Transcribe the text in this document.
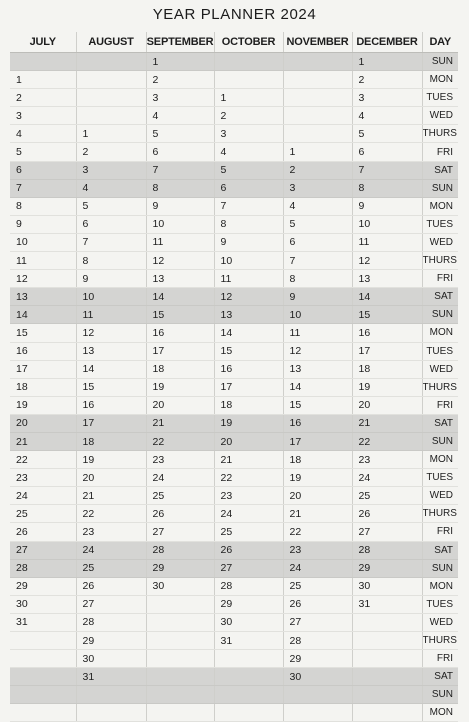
YEAR PLANNER 2024
JULY	AUGUST	SEPTEMBER	OCTOBER	NOVEMBER	DECEMBER	DAY
		1			1	SUN
1		2			2	MON
2		3	1		3	TUES
3		4	2		4	WED
4	1	5	3		5	THURS
5	2	6	4	1	6	FRI
6	3	7	5	2	7	SAT
7	4	8	6	3	8	SUN
8	5	9	7	4	9	MON
9	6	10	8	5	10	TUES
10	7	11	9	6	11	WED
11	8	12	10	7	12	THURS
12	9	13	11	8	13	FRI
13	10	14	12	9	14	SAT
14	11	15	13	10	15	SUN
15	12	16	14	11	16	MON
16	13	17	15	12	17	TUES
17	14	18	16	13	18	WED
18	15	19	17	14	19	THURS
19	16	20	18	15	20	FRI
20	17	21	19	16	21	SAT
21	18	22	20	17	22	SUN
22	19	23	21	18	23	MON
23	20	24	22	19	24	TUES
24	21	25	23	20	25	WED
25	22	26	24	21	26	THURS
26	23	27	25	22	27	FRI
27	24	28	26	23	28	SAT
28	25	29	27	24	29	SUN
29	26	30	28	25	30	MON
30	27		29	26	31	TUES
31	28		30	27		WED
	29		31	28		THURS
	30			29		FRI
	31			30		SAT
						SUN
						MON
